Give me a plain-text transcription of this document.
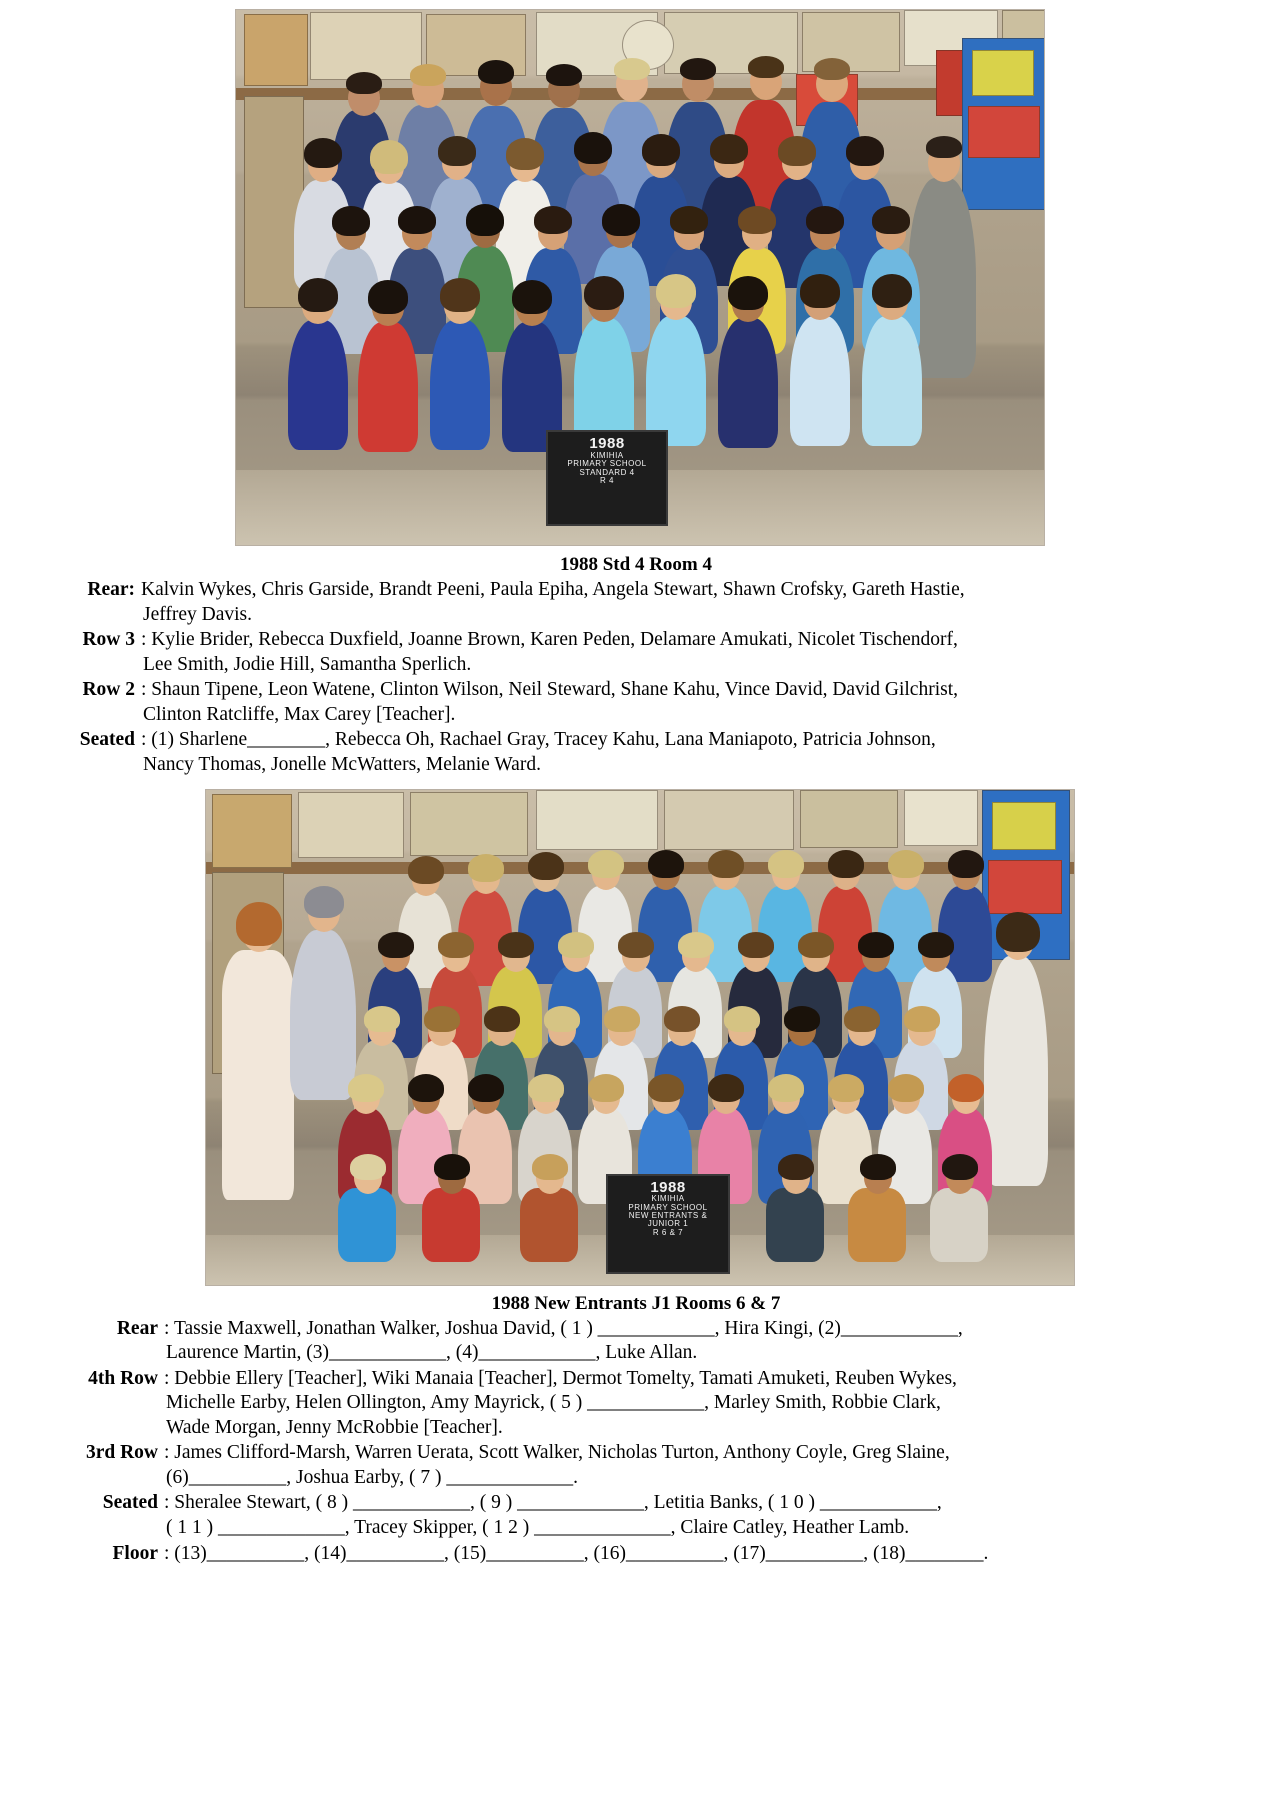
1988
KIMIHIA
PRIMARY SCHOOL
STANDARD 4
R 4
1988 Std 4 Room 4
Rear: Kalvin Wykes, Chris Garside, Brandt Peeni, Paula Epiha, Angela Stewart, Shawn Crofsky, Gareth Hastie,
Jeffrey Davis.
Row 3 : Kylie Brider, Rebecca Duxfield, Joanne Brown, Karen Peden, Delamare Amukati, Nicolet Tischendorf,
Lee Smith, Jodie Hill, Samantha Sperlich.
Row 2 : Shaun Tipene, Leon Watene, Clinton Wilson, Neil Steward, Shane Kahu, Vince David, David Gilchrist,
Clinton Ratcliffe, Max Carey [Teacher].
Seated : (1) Sharlene________, Rebecca Oh, Rachael Gray, Tracey Kahu, Lana Maniapoto, Patricia Johnson,
Nancy Thomas, Jonelle McWatters, Melanie Ward.
1988
KIMIHIA
PRIMARY SCHOOL
NEW ENTRANTS &
JUNIOR 1
R 6 & 7
1988 New Entrants J1 Rooms 6 & 7
Rear : Tassie Maxwell, Jonathan Walker, Joshua David, ( 1 ) ____________, Hira Kingi, (2)____________,
Laurence Martin, (3)____________, (4)____________, Luke Allan.
4th Row : Debbie Ellery [Teacher], Wiki Manaia [Teacher], Dermot Tomelty, Tamati Amuketi, Reuben Wykes,
Michelle Earby, Helen Ollington, Amy Mayrick, ( 5 ) ____________, Marley Smith, Robbie Clark,
Wade Morgan, Jenny McRobbie [Teacher].
3rd Row : James Clifford-Marsh, Warren Uerata, Scott Walker, Nicholas Turton, Anthony Coyle, Greg Slaine,
(6)__________, Joshua Earby, ( 7 ) _____________.
Seated : Sheralee Stewart, ( 8 ) ____________, ( 9 ) _____________, Letitia Banks, ( 1 0 ) ____________,
( 1 1 ) _____________, Tracey Skipper, ( 1 2 ) ______________, Claire Catley, Heather Lamb.
Floor : (13)__________, (14)__________, (15)__________, (16)__________, (17)__________, (18)________.
